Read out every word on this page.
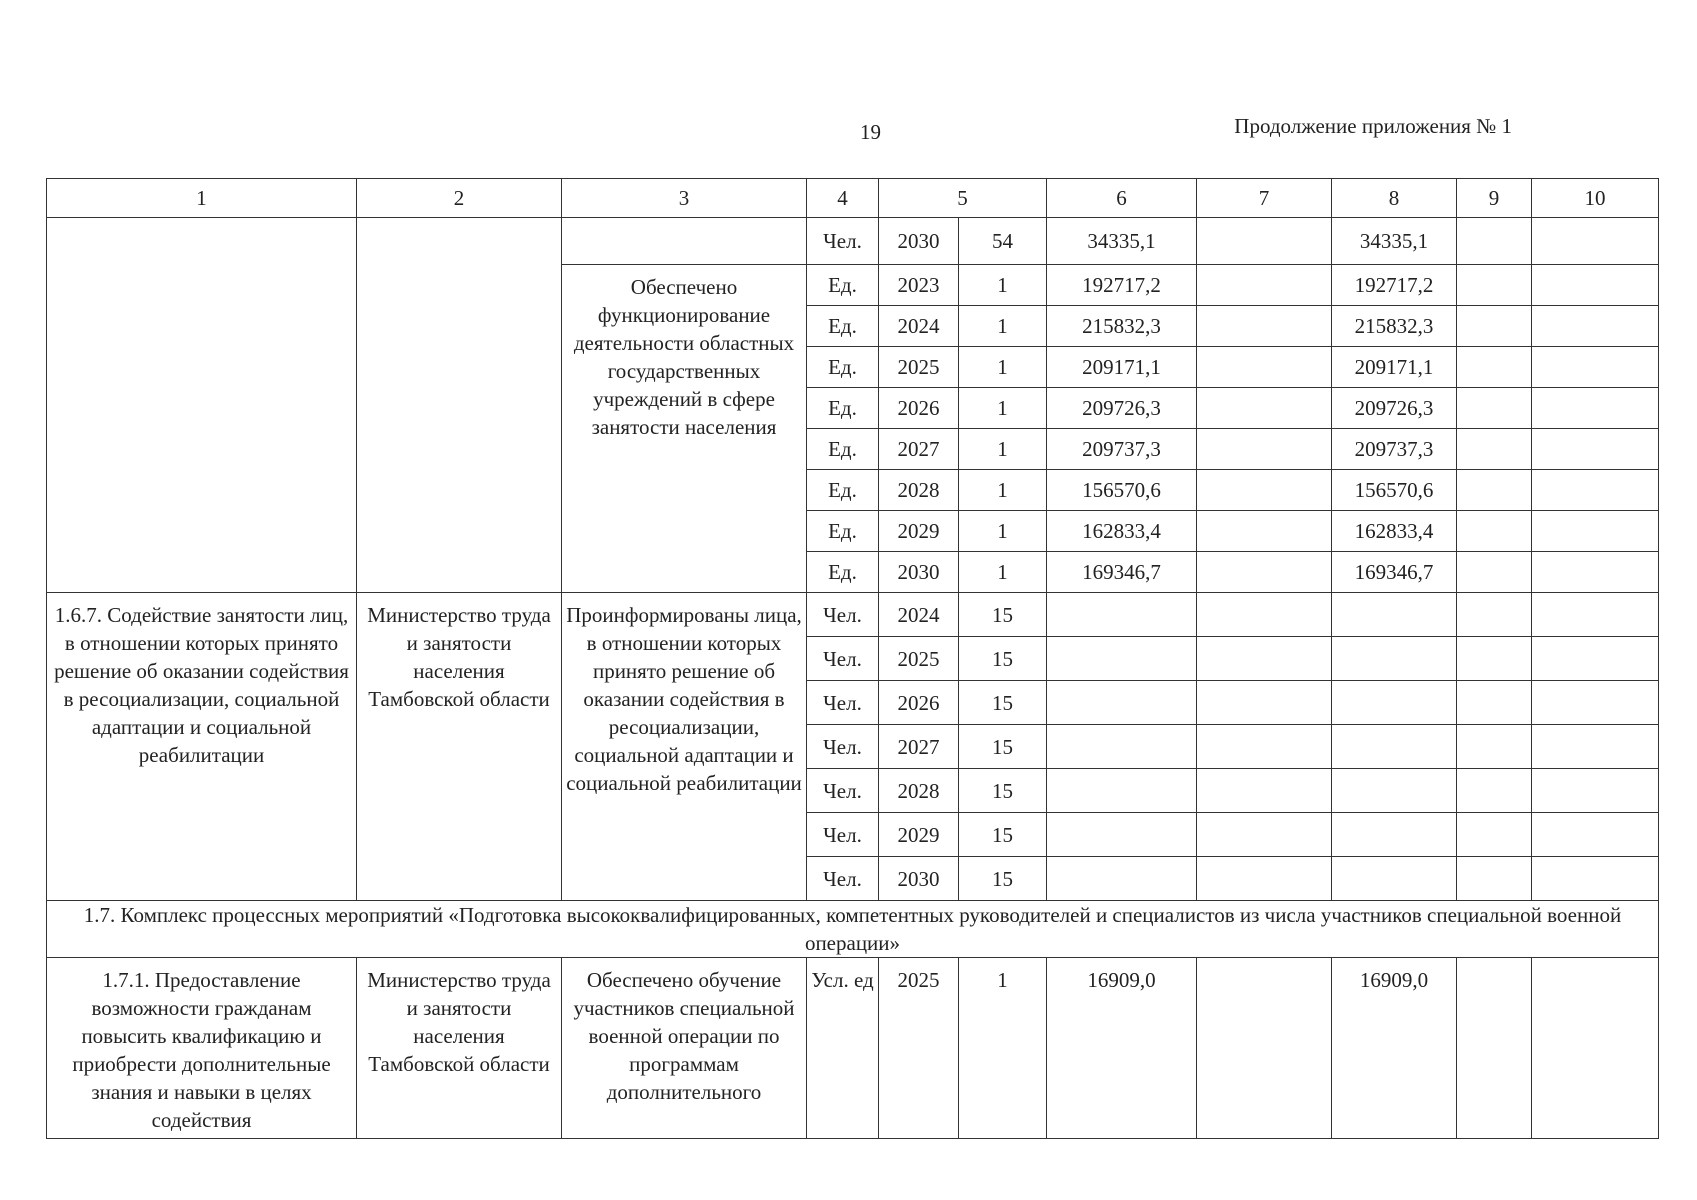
19	Продолжение приложения № 1
1	2	3	4	5		6	7	8	9	10
			Чел.	2030	54	34335,1		34335,1		
		Обеспечено функционирование деятельности областных государственных учреждений в сфере занятости населения	Ед.	2023	1	192717,2		192717,2		
			Ед.	2024	1	215832,3		215832,3		
			Ед.	2025	1	209171,1		209171,1		
			Ед.	2026	1	209726,3		209726,3		
			Ед.	2027	1	209737,3		209737,3		
			Ед.	2028	1	156570,6		156570,6		
			Ед.	2029	1	162833,4		162833,4		
			Ед.	2030	1	169346,7		169346,7		
1.6.7. Содействие занятости лиц, в отношении которых принято решение об оказании содействия в ресоциализации, социальной адаптации и социальной реабилитации	Министерство труда и занятости населения Тамбовской области	Проинформированы лица, в отношении которых принято решение об оказании содействия в ресоциализации, социальной адаптации и социальной реабилитации	Чел.	2024	15					
			Чел.	2025	15					
			Чел.	2026	15					
			Чел.	2027	15					
			Чел.	2028	15					
			Чел.	2029	15					
			Чел.	2030	15					
1.7. Комплекс процессных мероприятий «Подготовка высококвалифицированных, компетентных руководителей и специалистов из числа участников специальной военной операции»										
1.7.1. Предоставление возможности гражданам повысить квалификацию и приобрести дополнительные знания и навыки в целях содействия	Министерство труда и занятости населения Тамбовской области	Обеспечено обучение участников специальной военной операции по программам дополнительного	Усл. ед	2025	1	16909,0		16909,0		
